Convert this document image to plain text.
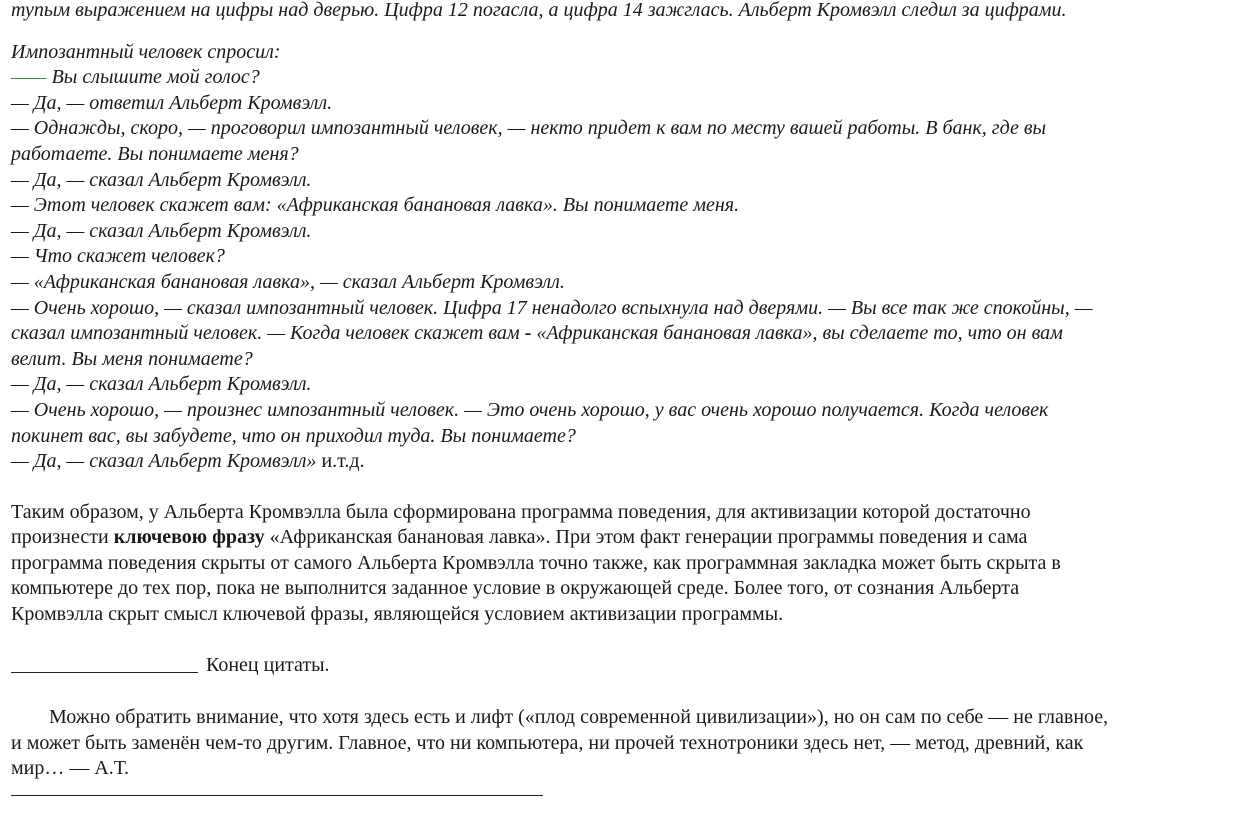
тупым выражением на цифры над дверью. Цифра 12 погасла, а цифра 14 зажглась. Альберт Кромвэлл следил за цифрами.
Импозантный человек спросил:
—— Вы слышите мой голос?
— Да, — ответил Альберт Кромвэлл.
— Однажды, скоро, — проговорил импозантный человек, — некто придет к вам по месту вашей работы. В банк, где вы
работаете. Вы понимаете меня?
— Да, — сказал Альберт Кромвэлл.
— Этот человек скажет вам: «Африканская банановая лавка». Вы понимаете меня.
— Да, — сказал Альберт Кромвэлл.
— Что скажет человек?
— «Африканская банановая лавка», — сказал Альберт Кромвэлл.
— Очень хорошо, — сказал импозантный человек. Цифра 17 ненадолго вспыхнула над дверями. — Вы все так же спокойны, —
сказал импозантный человек. — Когда человек скажет вам - «Африканская банановая лавка», вы сделаете то, что он вам
велит. Вы меня понимаете?
— Да, — сказал Альберт Кромвэлл.
— Очень хорошо, — произнес импозантный человек. — Это очень хорошо, у вас очень хорошо получается. Когда человек
покинет вас, вы забудете, что он приходил туда. Вы понимаете?
— Да, — сказал Альберт Кромвэлл» и.т.д.
Таким образом, у Альберта Кромвэлла была сформирована программа поведения, для активизации которой достаточно
произнести ключевою фразу «Африканская банановая лавка». При этом факт генерации программы поведения и сама
программа поведения скрыты от самого Альберта Кромвэлла точно также, как программная закладка может быть скрыта в
компьютере до тех пор, пока не выполнится заданное условие в окружающей среде. Более того, от сознания Альберта
Кромвэлла скрыт смысл ключевой фразы, являющейся условием активизации программы.
Конец цитаты.
Можно обратить внимание, что хотя здесь есть и лифт («плод современной цивилизации»), но он сам по себе — не главное,
и может быть заменён чем-то другим. Главное, что ни компьютера, ни прочей технотроники здесь нет, — метод, древний, как
мир… — А.Т.
